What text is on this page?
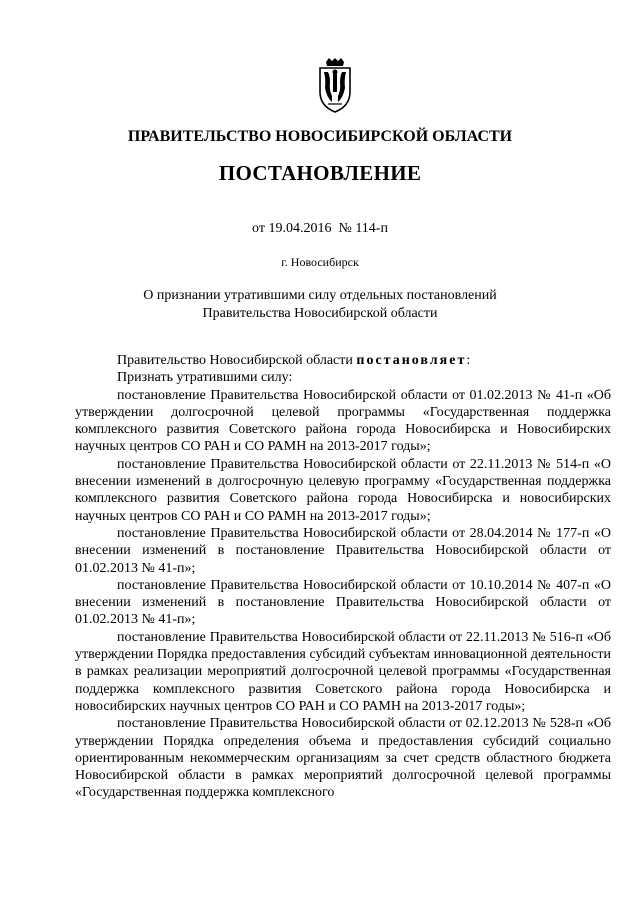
ПРАВИТЕЛЬСТВО НОВОСИБИРСКОЙ ОБЛАСТИ
ПОСТАНОВЛЕНИЕ
от 19.04.2016  № 114-п
г. Новосибирск
О признании утратившими силу отдельных постановлений
Правительства Новосибирской области

Правительство Новосибирской области постановляет:

Признать утратившими силу:

постановление Правительства Новосибирской области от 01.02.2013 № 41-п «Об утверждении долгосрочной целевой программы «Государственная поддержка комплексного развития Советского района города Новосибирска и Новосибирских научных центров СО РАН и СО РАМН на 2013-2017 годы»;

постановление Правительства Новосибирской области от 22.11.2013 № 514-п «О внесении изменений в долгосрочную целевую программу «Государственная поддержка комплексного развития Советского района города Новосибирска и новосибирских научных центров СО РАН и СО РАМН на 2013-2017 годы»;

постановление Правительства Новосибирской области от 28.04.2014 № 177-п «О внесении изменений в постановление Правительства Новосибирской области от 01.02.2013 № 41-п»;

постановление Правительства Новосибирской области от 10.10.2014 № 407-п «О внесении изменений в постановление Правительства Новосибирской области от 01.02.2013 № 41-п»;

постановление Правительства Новосибирской области от 22.11.2013 № 516-п «Об утверждении Порядка предоставления субсидий субъектам инновационной деятельности в рамках реализации мероприятий долгосрочной целевой программы «Государственная поддержка комплексного развития Советского района города Новосибирска и новосибирских научных центров СО РАН и СО РАМН на 2013-2017 годы»;

постановление Правительства Новосибирской области от 02.12.2013 № 528-п «Об утверждении Порядка определения объема и предоставления субсидий социально ориентированным некоммерческим организациям за счет средств областного бюджета Новосибирской области в рамках мероприятий долгосрочной целевой программы «Государственная поддержка комплексного
